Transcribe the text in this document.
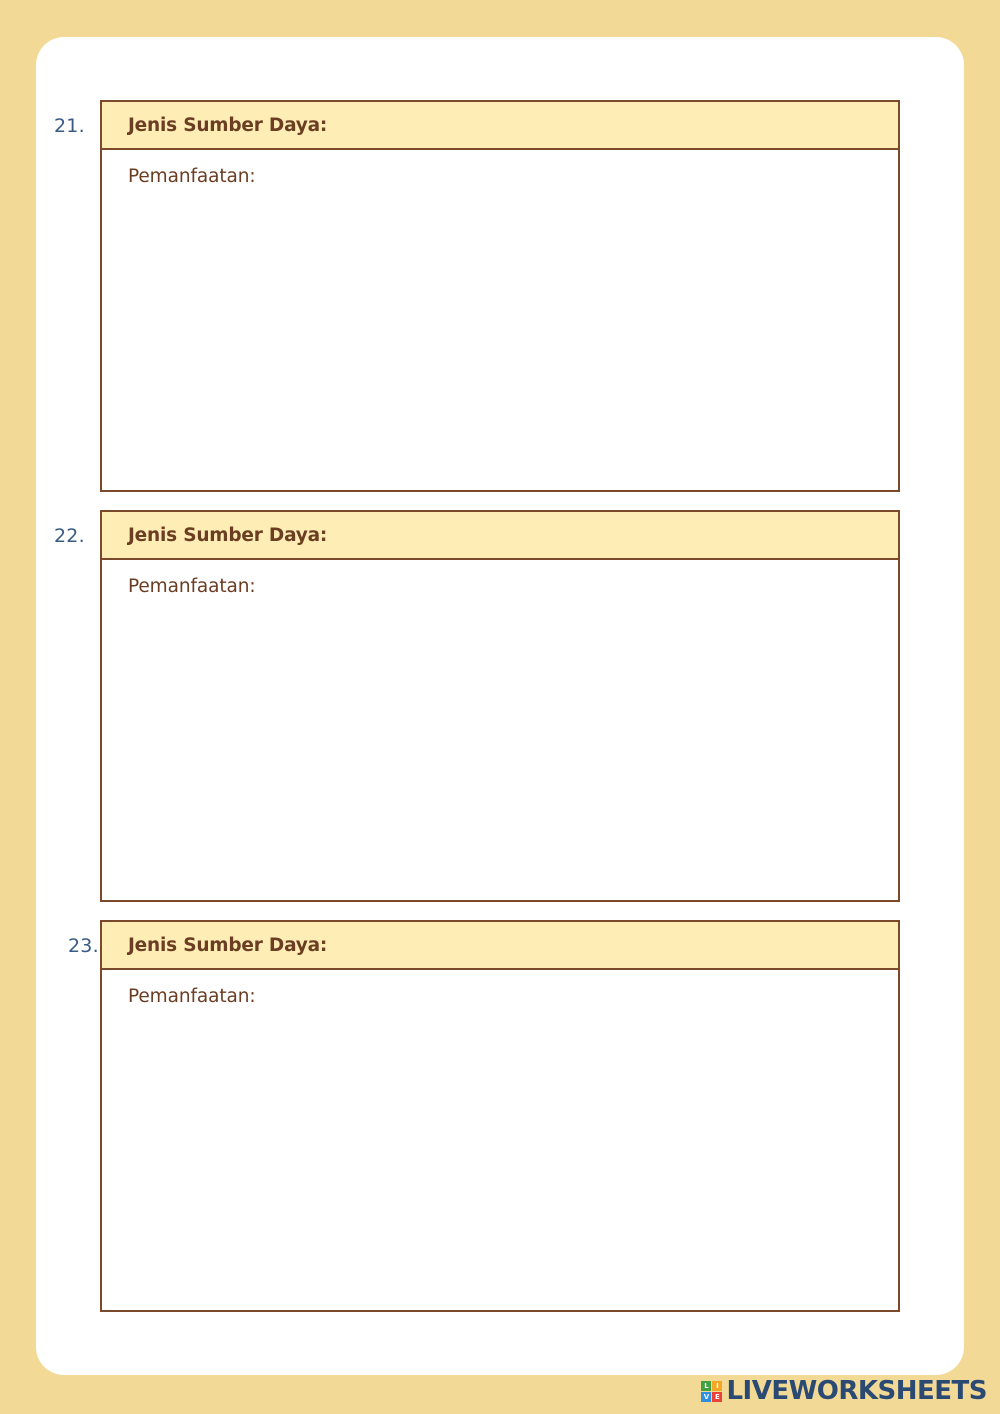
21. Jenis Sumber Daya:
Pemanfaatan:
22. Jenis Sumber Daya:
Pemanfaatan:
23. Jenis Sumber Daya:
Pemanfaatan:
L	I
V E LIVEWORKSHEETS
